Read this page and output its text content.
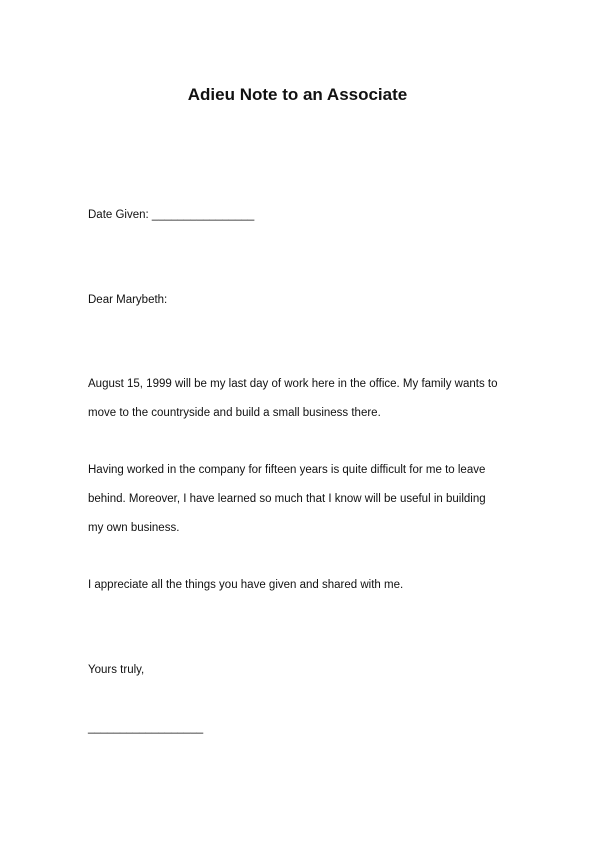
Adieu Note to an Associate
Date Given: ________________
Dear Marybeth:
August 15, 1999 will be my last day of work here in the office. My family wants to
move to the countryside and build a small business there.
Having worked in the company for fifteen years is quite difficult for me to leave
behind. Moreover, I have learned so much that I know will be useful in building
my own business.
I appreciate all the things you have given and shared with me.
Yours truly,
__________________
